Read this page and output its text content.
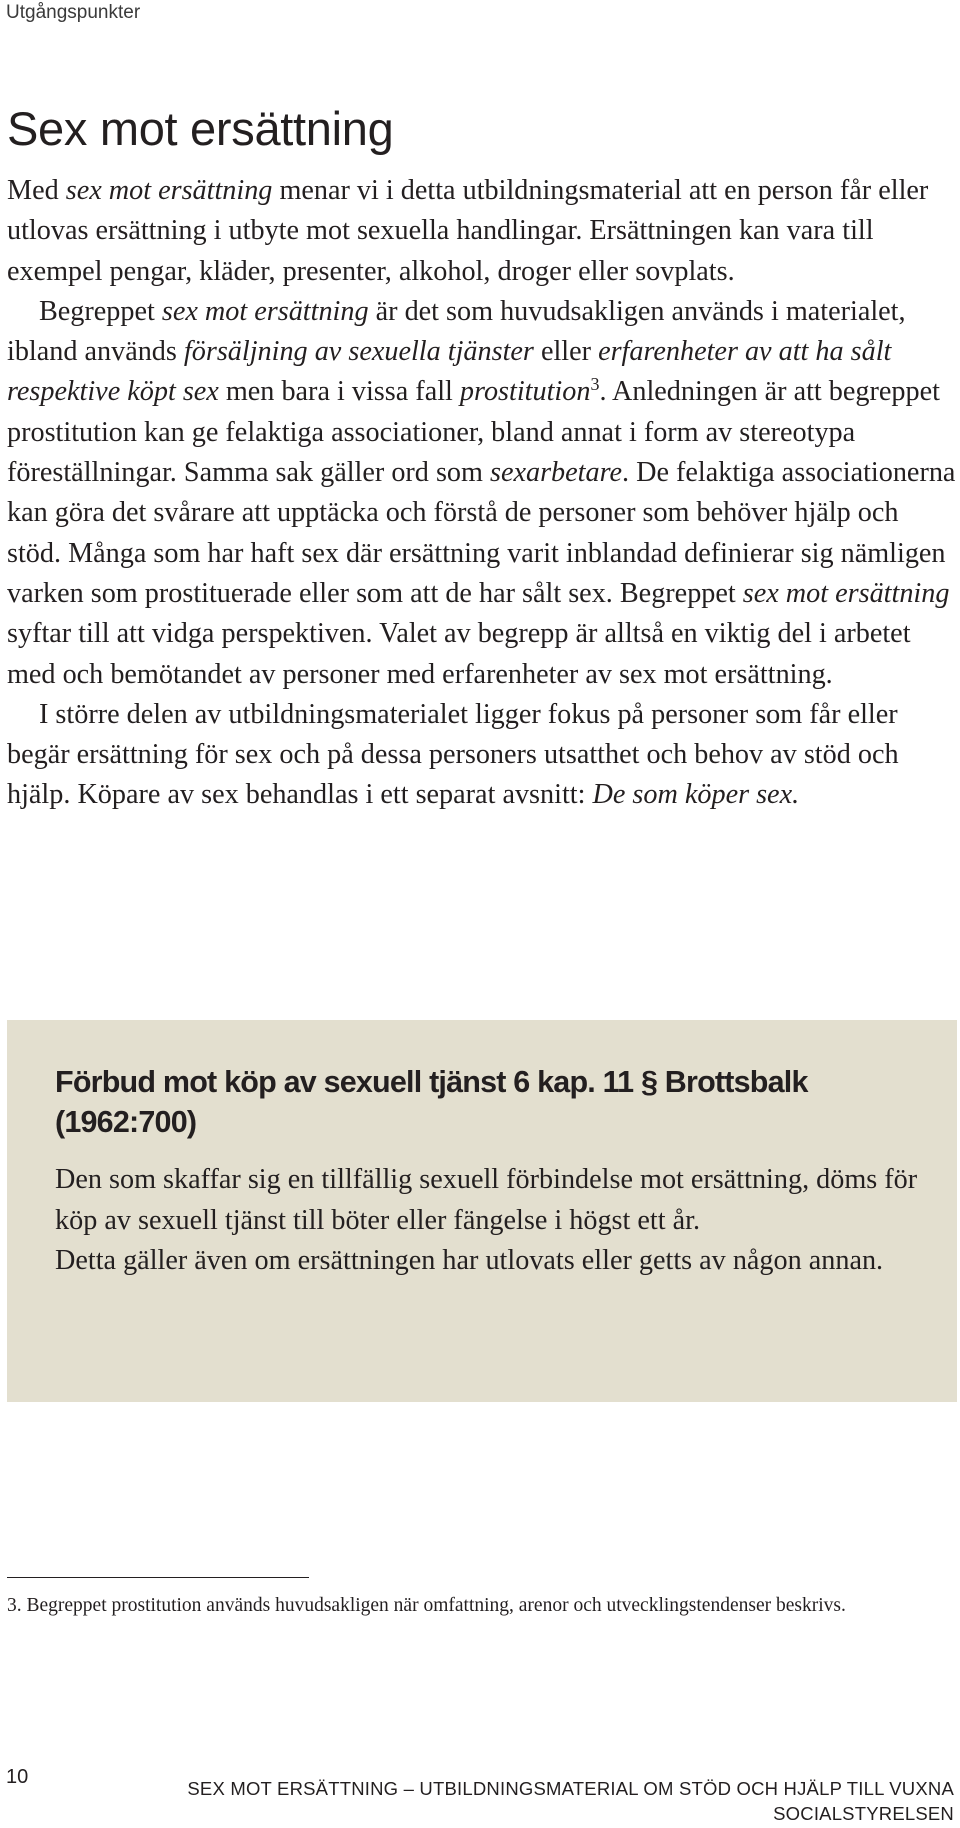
Utgångspunkter
Sex mot ersättning

Med sex mot ersättning menar vi i detta utbildningsmaterial att en person får eller utlovas ersättning i utbyte mot sexuella handlingar. Ersättningen kan vara till exempel pengar, kläder, presenter, alkohol, droger eller sovplats.

Begreppet sex mot ersättning är det som huvudsakligen används i materialet, ibland används försäljning av sexuella tjänster eller erfarenheter av att ha sålt respektive köpt sex men bara i vissa fall prostitution$^3$. Anledningen är att begreppet prostitution kan ge felaktiga associationer, bland annat i form av stereotypa föreställningar. Samma sak gäller ord som sexarbetare. De felaktiga associationerna kan göra det svårare att upptäcka och förstå de personer som behöver hjälp och stöd. Många som har haft sex där ersättning varit inblandad definierar sig nämligen varken som prostituerade eller som att de har sålt sex. Begreppet sex mot ersättning syftar till att vidga perspektiven. Valet av begrepp är alltså en viktig del i arbetet med och bemötandet av personer med erfarenheter av sex mot ersättning.

I större delen av utbildningsmaterialet ligger fokus på personer som får eller begär ersättning för sex och på dessa personers utsatthet och behov av stöd och hjälp. Köpare av sex behandlas i ett separat avsnitt: De som köper sex.

Förbud mot köp av sexuell tjänst 6 kap. 11 § Brottsbalk (1962:700)

Den som skaffar sig en tillfällig sexuell förbindelse mot ersättning, döms för köp av sexuell tjänst till böter eller fängelse i högst ett år.

Detta gäller även om ersättningen har utlovats eller getts av någon annan.

3. Begreppet prostitution används huvudsakligen när omfattning, arenor och utvecklingstendenser beskrivs.
10
SEX MOT ERSÄTTNING – UTBILDNINGSMATERIAL OM STÖD OCH HJÄLP TILL VUXNA
SOCIALSTYRELSEN
